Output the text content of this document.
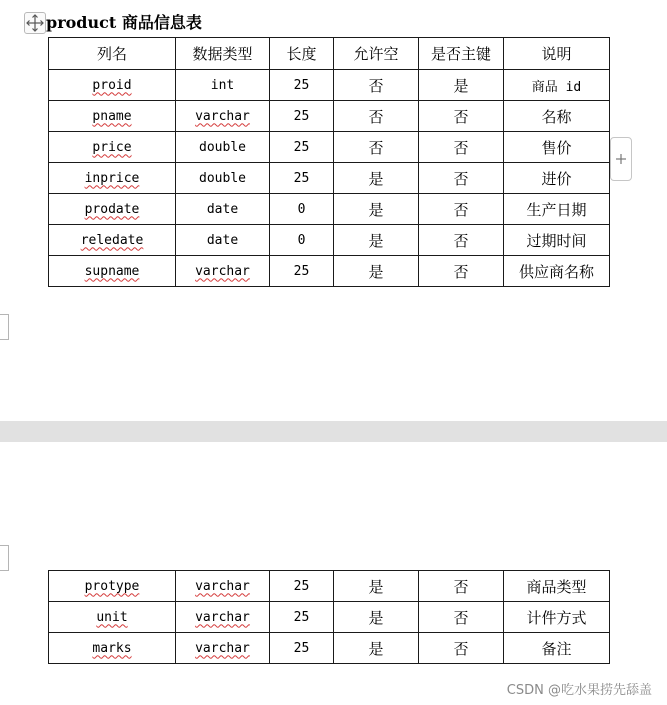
product 商品信息表
列名	数据类型	长度	允许空	是否主键	说明
proid	int	25	否	是	商品 id
pname	varchar	25	否	否	名称
price	double	25	否	否	售价
inprice	double	25	是	否	进价
prodate	date	0	是	否	生产日期
reledate	date	0	是	否	过期时间
supname	varchar	25	是	否	供应商名称
protype	varchar	25	是	否	商品类型
unit	varchar	25	是	否	计件方式
marks	varchar	25	是	否	备注
CSDN @吃水果捞先舔盖
